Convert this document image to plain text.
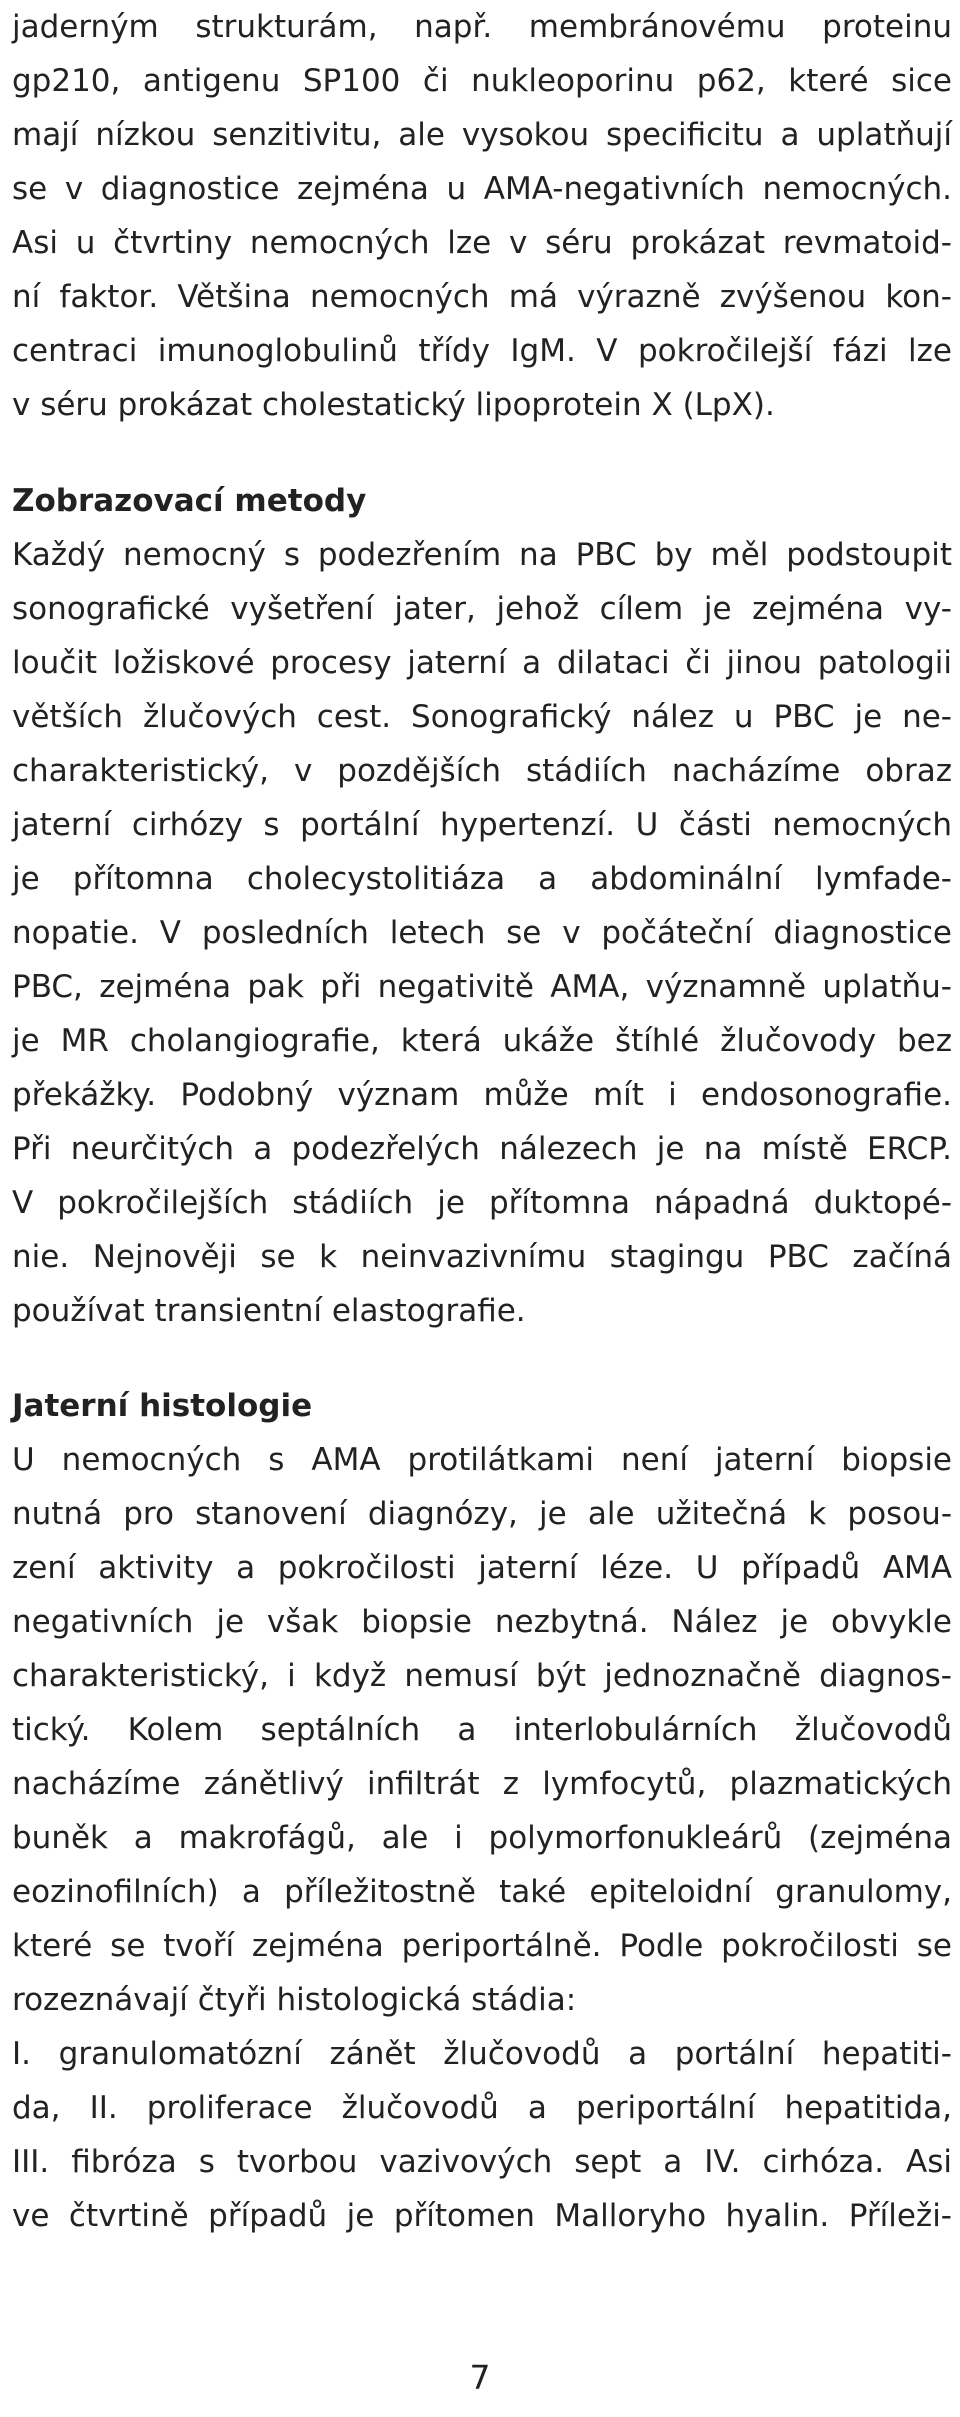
jaderným strukturám, např. membránovému proteinu
gp210, antigenu SP100 či nukleoporinu p62, které sice
mají nízkou senzitivitu, ale vysokou specificitu a uplatňují
se v diagnostice zejména u AMA-negativních nemocných.
Asi u čtvrtiny nemocných lze v séru prokázat revmatoid-
ní faktor. Většina nemocných má výrazně zvýšenou kon-
centraci imunoglobulinů třídy IgM. V pokročilejší fázi lze
v séru prokázat cholestatický lipoprotein X (LpX).
Zobrazovací metody
Každý nemocný s podezřením na PBC by měl podstoupit
sonografické vyšetření jater, jehož cílem je zejména vy-
loučit ložiskové procesy jaterní a dilataci či jinou patologii
větších žlučových cest. Sonografický nález u PBC je ne-
charakteristický, v pozdějších stádiích nacházíme obraz
jaterní cirhózy s portální hypertenzí. U části nemocných
je přítomna cholecystolitiáza a abdominální lymfade-
nopatie. V posledních letech se v počáteční diagnostice
PBC, zejména pak při negativitě AMA, významně uplatňu-
je MR cholangiografie, která ukáže štíhlé žlučovody bez
překážky. Podobný význam může mít i endosonografie.
Při neurčitých a podezřelých nálezech je na místě ERCP.
V pokročilejších stádiích je přítomna nápadná duktopé-
nie. Nejnověji se k neinvazivnímu stagingu PBC začíná
používat transientní elastografie.
Jaterní histologie
U nemocných s AMA protilátkami není jaterní biopsie
nutná pro stanovení diagnózy, je ale užitečná k posou-
zení aktivity a pokročilosti jaterní léze. U případů AMA
negativních je však biopsie nezbytná. Nález je obvykle
charakteristický, i když nemusí být jednoznačně diagnos-
tický. Kolem septálních a interlobulárních žlučovodů
nacházíme zánětlivý infiltrát z lymfocytů, plazmatických
buněk a makrofágů, ale i polymorfonukleárů (zejména
eozinofilních) a příležitostně také epiteloidní granulomy,
které se tvoří zejména periportálně. Podle pokročilosti se
rozeznávají čtyři histologická stádia:
I. granulomatózní zánět žlučovodů a portální hepatiti-
da, II. proliferace žlučovodů a periportální hepatitida,
III. fibróza s tvorbou vazivových sept a IV. cirhóza. Asi
ve čtvrtině případů je přítomen Malloryho hyalin. Příleži-
7
